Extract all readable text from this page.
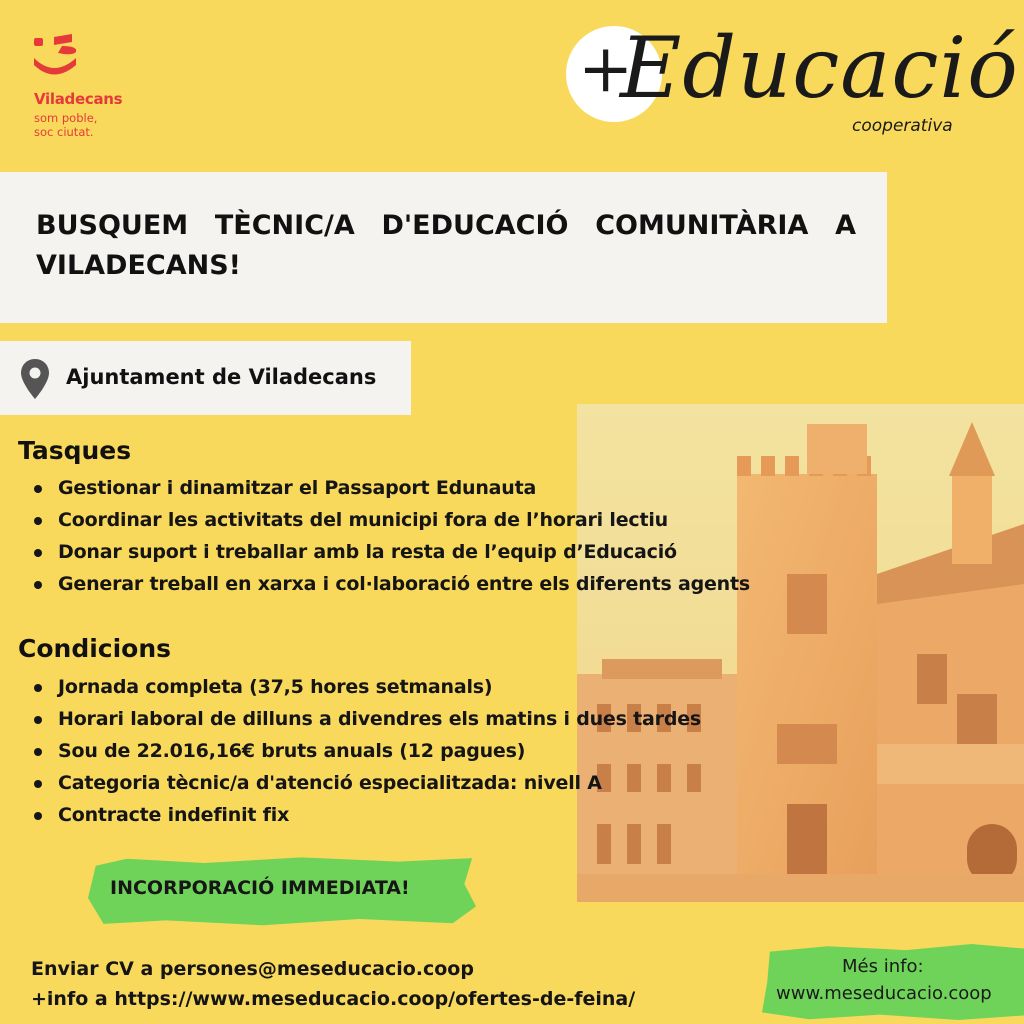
Viladecans
som poble,
soc ciutat.
+
Educació
cooperativa
BUSQUEM TÈCNIC/A D'EDUCACIÓ COMUNITÀRIA A VILADECANS!
Ajuntament de Viladecans
Tasques
Gestionar i dinamitzar el Passaport Edunauta
Coordinar les activitats del municipi fora de l’horari lectiu
Donar suport i treballar amb la resta de l’equip d’Educació
Generar treball en xarxa i col·laboració entre els diferents agents
Condicions
Jornada completa (37,5 hores setmanals)
Horari laboral de dilluns a divendres els matins i dues tardes
Sou de 22.016,16€ bruts anuals (12 pagues)
Categoria tècnic/a d'atenció especialitzada: nivell A
Contracte indefinit fix
INCORPORACIÓ IMMEDIATA!
Més info:
www.meseducacio.coop
Enviar CV a persones@meseducacio.coop
+info a https://www.meseducacio.coop/ofertes-de-feina/
